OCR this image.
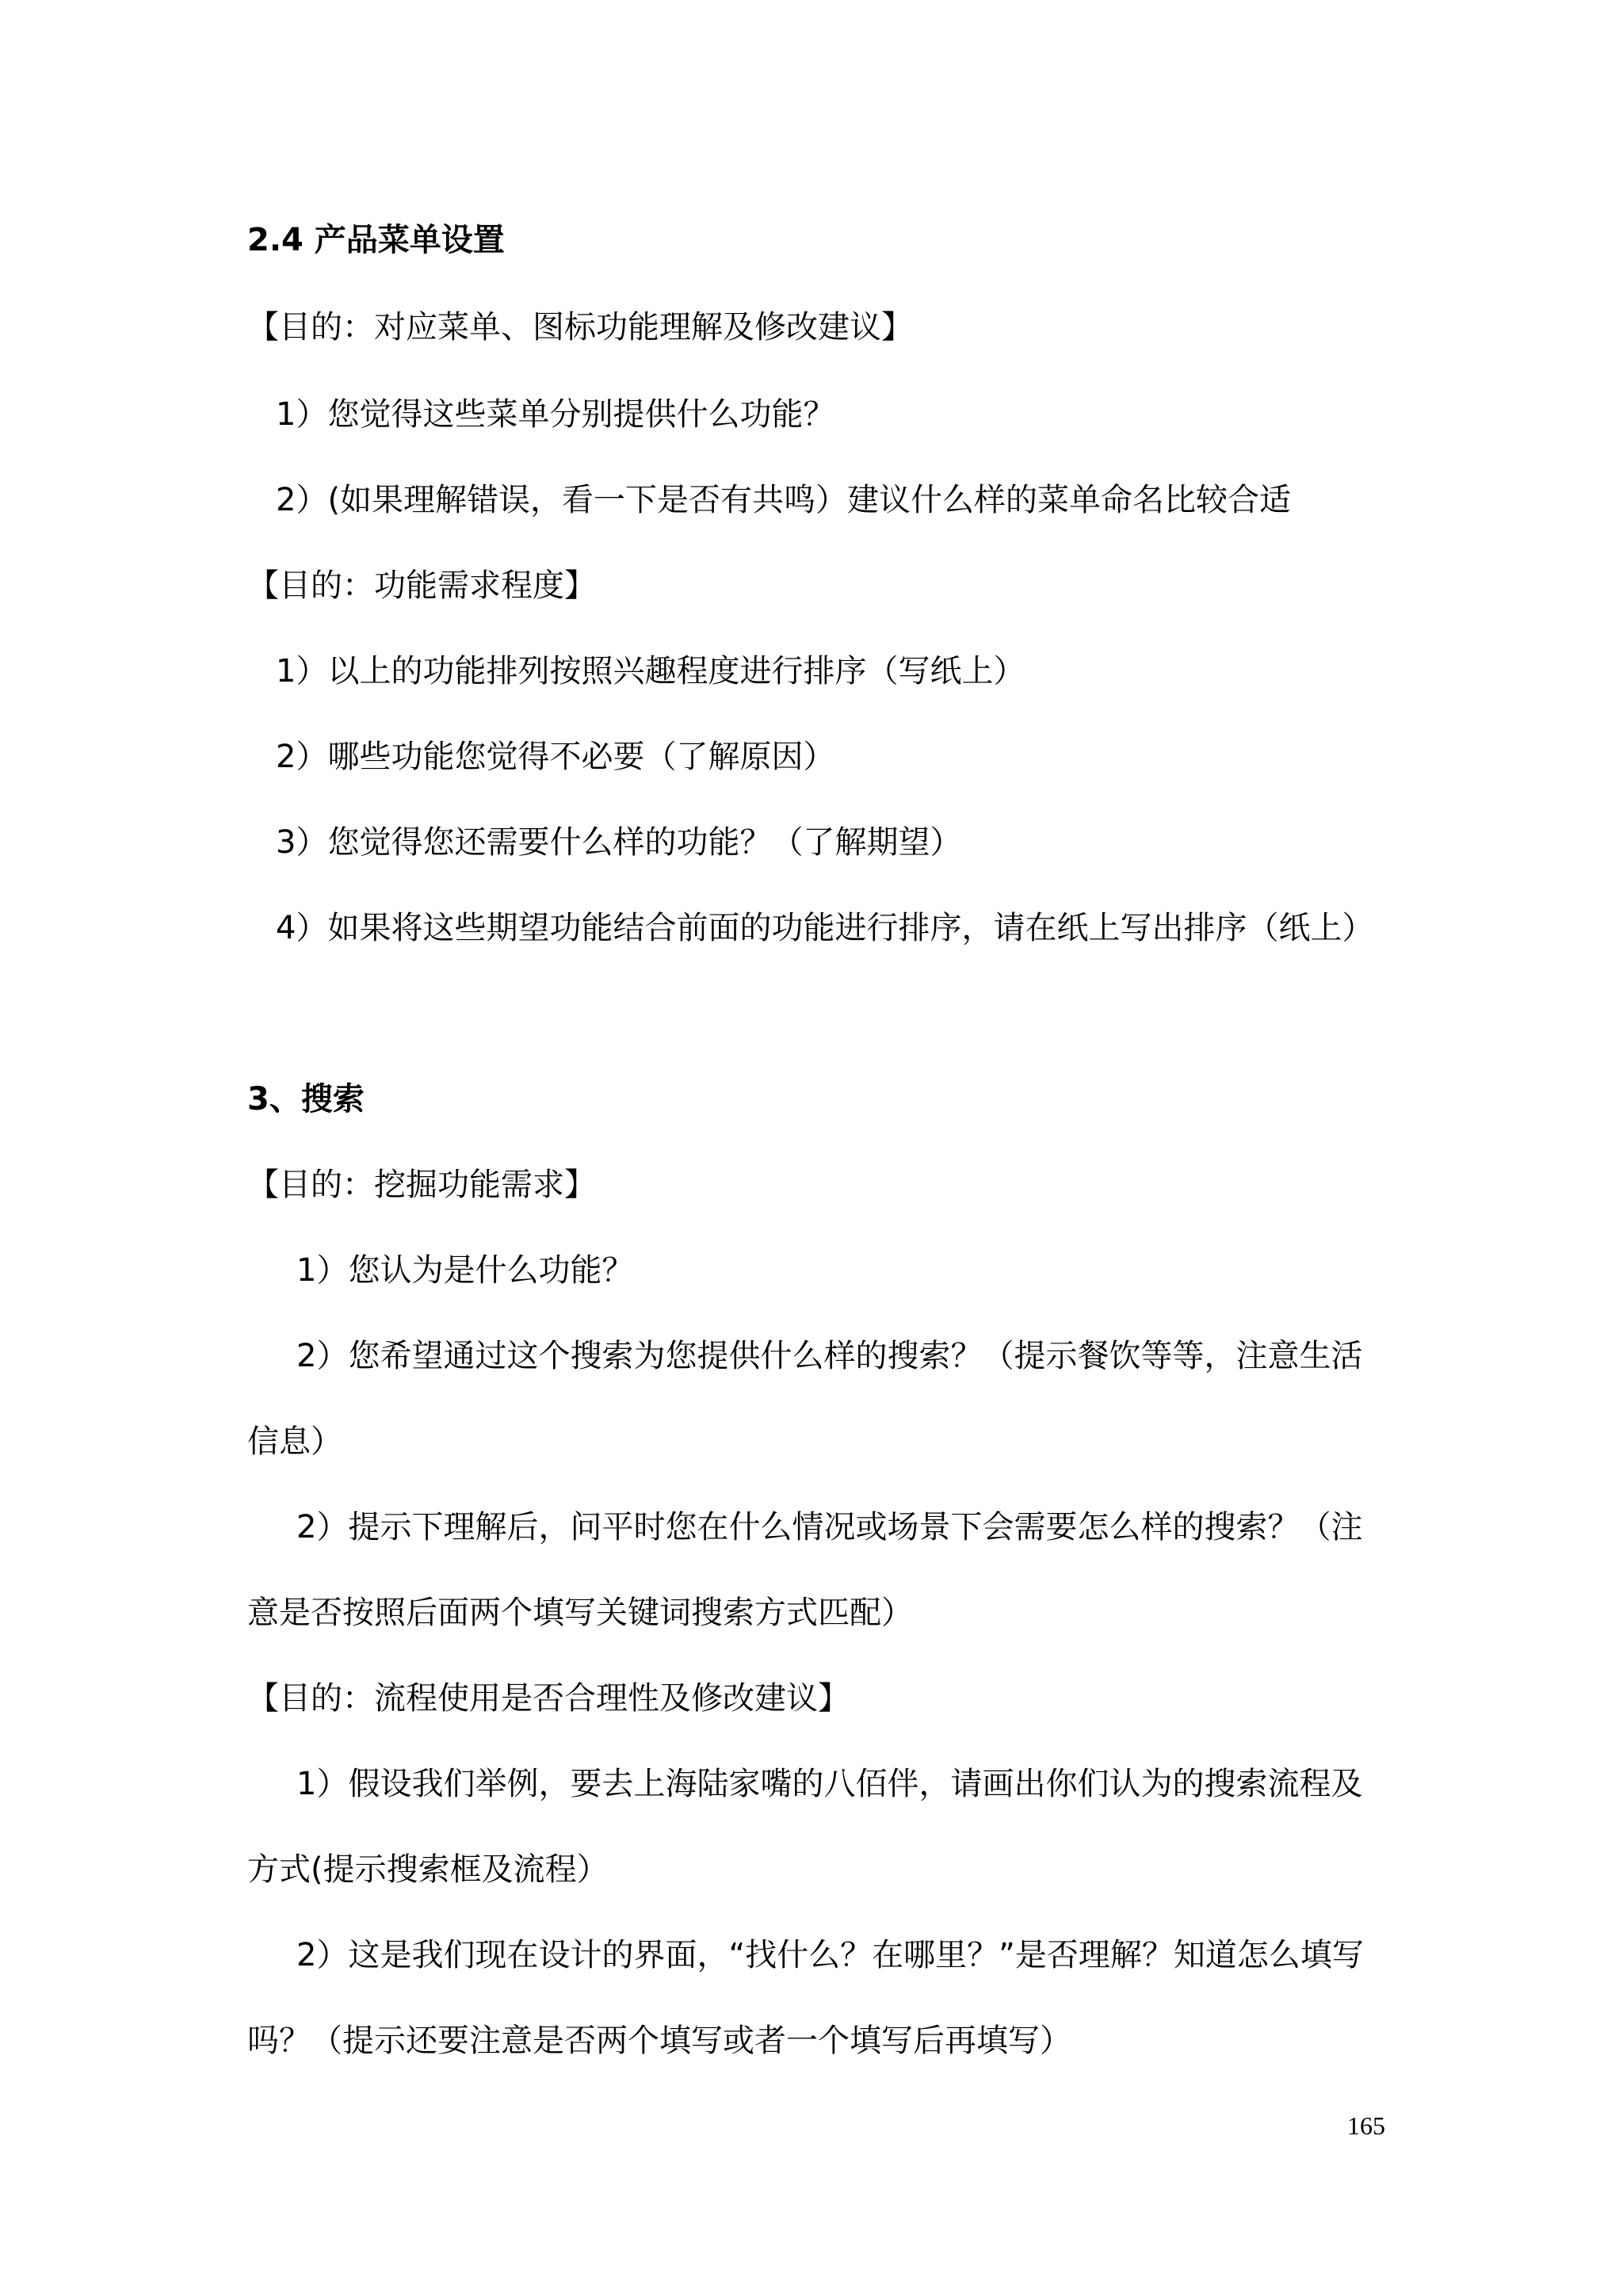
2.4 产品菜单设置

【目的：对应菜单、图标功能理解及修改建议】

1）您觉得这些菜单分别提供什么功能？

2）(如果理解错误，看一下是否有共鸣）建议什么样的菜单命名比较合适

【目的：功能需求程度】

1）以上的功能排列按照兴趣程度进行排序（写纸上）

2）哪些功能您觉得不必要（了解原因）

3）您觉得您还需要什么样的功能？（了解期望）

4）如果将这些期望功能结合前面的功能进行排序，请在纸上写出排序（纸上）

3、搜索

【目的：挖掘功能需求】

1）您认为是什么功能？

2）您希望通过这个搜索为您提供什么样的搜索？（提示餐饮等等，注意生活

信息）

2）提示下理解后，问平时您在什么情况或场景下会需要怎么样的搜索？（注

意是否按照后面两个填写关键词搜索方式匹配）

【目的：流程使用是否合理性及修改建议】

1）假设我们举例，要去上海陆家嘴的八佰伴，请画出你们认为的搜索流程及

方式(提示搜索框及流程）

2）这是我们现在设计的界面，“找什么？在哪里？”是否理解？知道怎么填写

吗？（提示还要注意是否两个填写或者一个填写后再填写）

165
